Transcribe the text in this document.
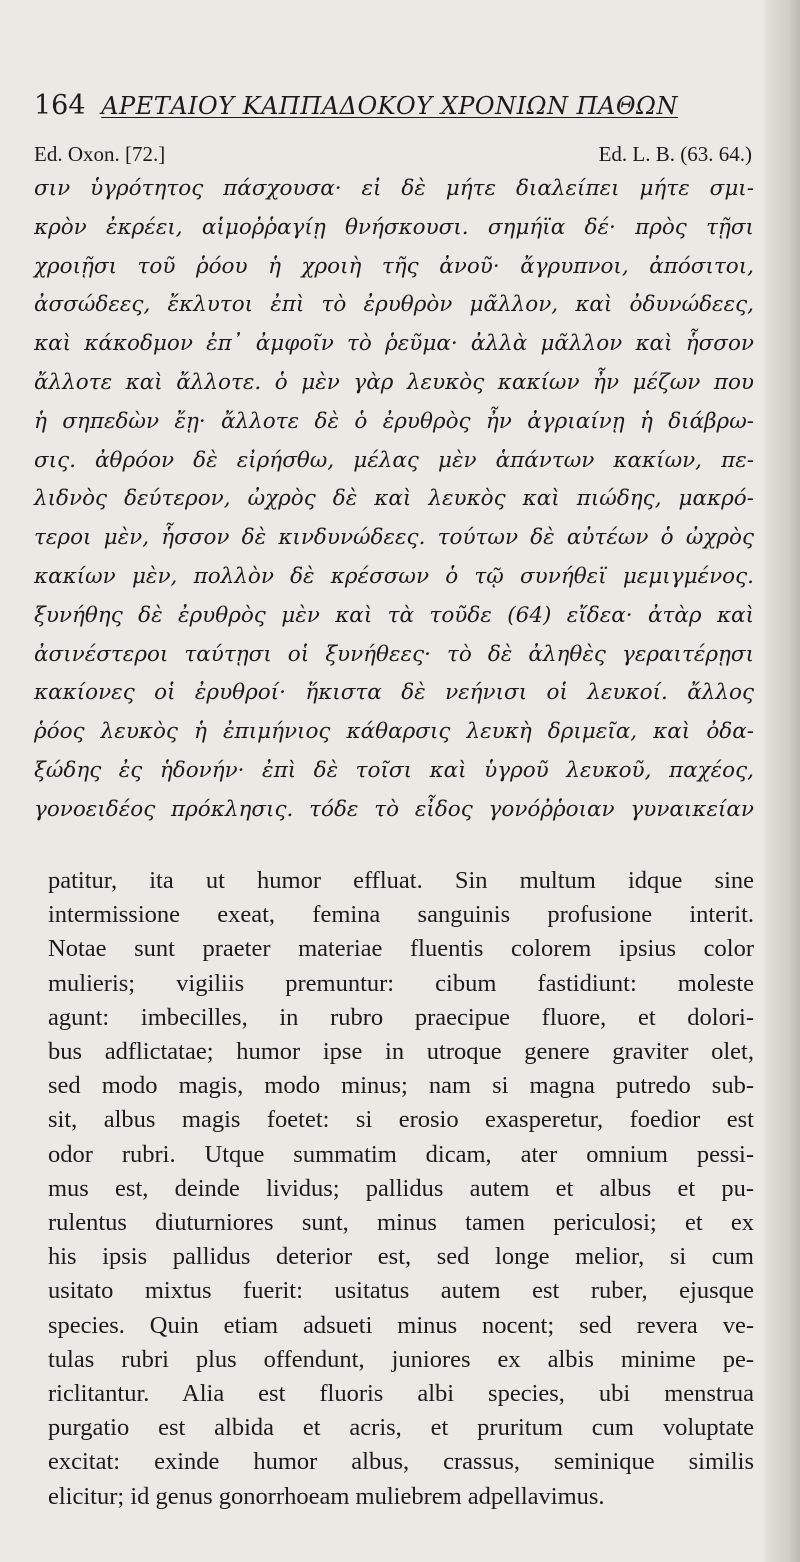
164 ΑΡΕΤΑΙΟΥ ΚΑΠΠΑΔΟΚΟΥ ΧΡΟΝΙΩΝ ΠΑΘΩΝ
Ed. Oxon. [72.]	Ed. L. B. (63. 64.)
σιν ὑγρότητος πάσχουσα· εἰ δὲ μήτε διαλείπει μήτε σμι-
κρὸν ἐκρέει, αἱμοῤῥαγίῃ θνήσκουσι. σημήϊα δέ· πρὸς τῇσι
χροιῇσι τοῦ ῥόου ἡ χροιὴ τῆς ἀνοῦ· ἄγρυπνοι, ἀπόσιτοι,
ἀσσώδεες, ἔκλυτοι ἐπὶ τὸ ἐρυθρὸν μᾶλλον, καὶ ὀδυνώδεες,
καὶ κάκοδμον ἐπ᾽ ἀμφοῖν τὸ ῥεῦμα· ἀλλὰ μᾶλλον καὶ ἧσσον
ἄλλοτε καὶ ἄλλοτε. ὁ μὲν γὰρ λευκὸς κακίων ἦν μέζων που
ἡ σηπεδὼν ἔῃ· ἄλλοτε δὲ ὁ ἐρυθρὸς ἦν ἀγριαίνῃ ἡ διάβρω-
σις. ἀθρόον δὲ εἰρήσθω, μέλας μὲν ἁπάντων κακίων, πε-
λιδνὸς δεύτερον, ὠχρὸς δὲ καὶ λευκὸς καὶ πιώδης, μακρό-
τεροι μὲν, ἧσσον δὲ κινδυνώδεες. τούτων δὲ αὐτέων ὁ ὠχρὸς
κακίων μὲν, πολλὸν δὲ κρέσσων ὁ τῷ συνήθεϊ μεμιγμένος.
ξυνήθης δὲ ἐρυθρὸς μὲν καὶ τὰ τοῦδε (64) εἴδεα· ἀτὰρ καὶ
ἀσινέστεροι ταύτῃσι οἱ ξυνήθεες· τὸ δὲ ἀληθὲς γεραιτέρῃσι
κακίονες οἱ ἐρυθροί· ἥκιστα δὲ νεήνισι οἱ λευκοί. ἄλλος
ῥόος λευκὸς ἡ ἐπιμήνιος κάθαρσις λευκὴ δριμεῖα, καὶ ὀδα-
ξώδης ἐς ἡδονήν· ἐπὶ δὲ τοῖσι καὶ ὑγροῦ λευκοῦ, παχέος,
γονοειδέος πρόκλησις. τόδε τὸ εἶδος γονόῤῥοιαν γυναικείαν
patitur, ita ut humor effluat. Sin multum idque sine
intermissione exeat, femina sanguinis profusione interit.
Notae sunt praeter materiae fluentis colorem ipsius color
mulieris; vigiliis premuntur: cibum fastidiunt: moleste
agunt: imbecilles, in rubro praecipue fluore, et dolori-
bus adflictatae; humor ipse in utroque genere graviter olet,
sed modo magis, modo minus; nam si magna putredo sub-
sit, albus magis foetet: si erosio exasperetur, foedior est
odor rubri. Utque summatim dicam, ater omnium pessi-
mus est, deinde lividus; pallidus autem et albus et pu-
rulentus diuturniores sunt, minus tamen periculosi; et ex
his ipsis pallidus deterior est, sed longe melior, si cum
usitato mixtus fuerit: usitatus autem est ruber, ejusque
species. Quin etiam adsueti minus nocent; sed revera ve-
tulas rubri plus offendunt, juniores ex albis minime pe-
riclitantur. Alia est fluoris albi species, ubi menstrua
purgatio est albida et acris, et pruritum cum voluptate
excitat: exinde humor albus, crassus, seminique similis
elicitur; id genus gonorrhoeam muliebrem adpellavimus.
